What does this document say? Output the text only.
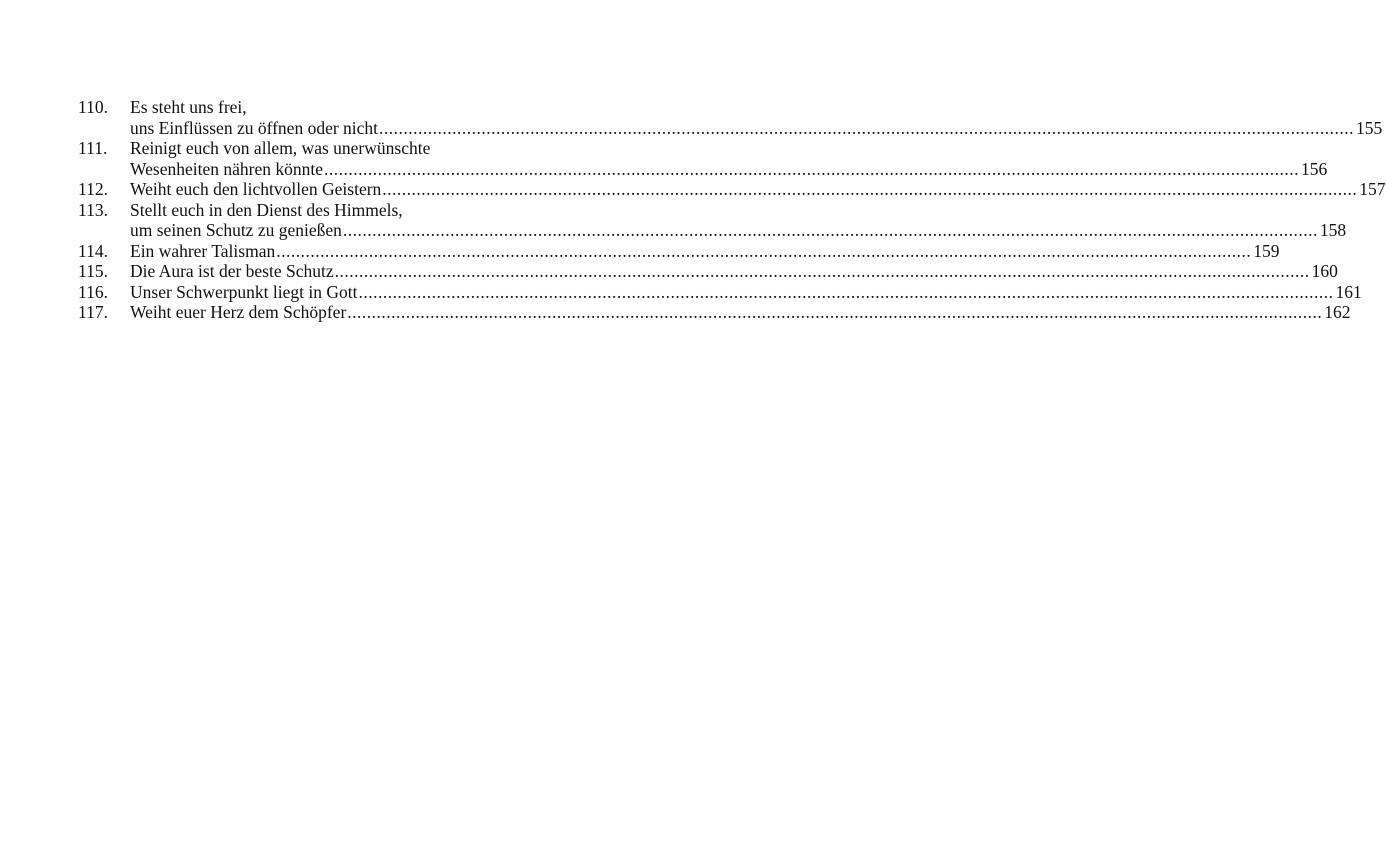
110.	Es steht uns frei,
uns Einflüssen zu öffnen oder nicht ........................................................................................................................................................................................................ 155
111.	Reinigt euch von allem, was unerwünschte
Wesenheiten nähren könnte ........................................................................................................................................................................................................ 156
112.	Weiht euch den lichtvollen Geistern ........................................................................................................................................................................................................ 157
113.	Stellt euch in den Dienst des Himmels,
um seinen Schutz zu genießen ........................................................................................................................................................................................................ 158
114.	Ein wahrer Talisman ........................................................................................................................................................................................................ 159
115.	Die Aura ist der beste Schutz ........................................................................................................................................................................................................ 160
116.	Unser Schwerpunkt liegt in Gott ........................................................................................................................................................................................................ 161
117.	Weiht euer Herz dem Schöpfer ........................................................................................................................................................................................................ 162
